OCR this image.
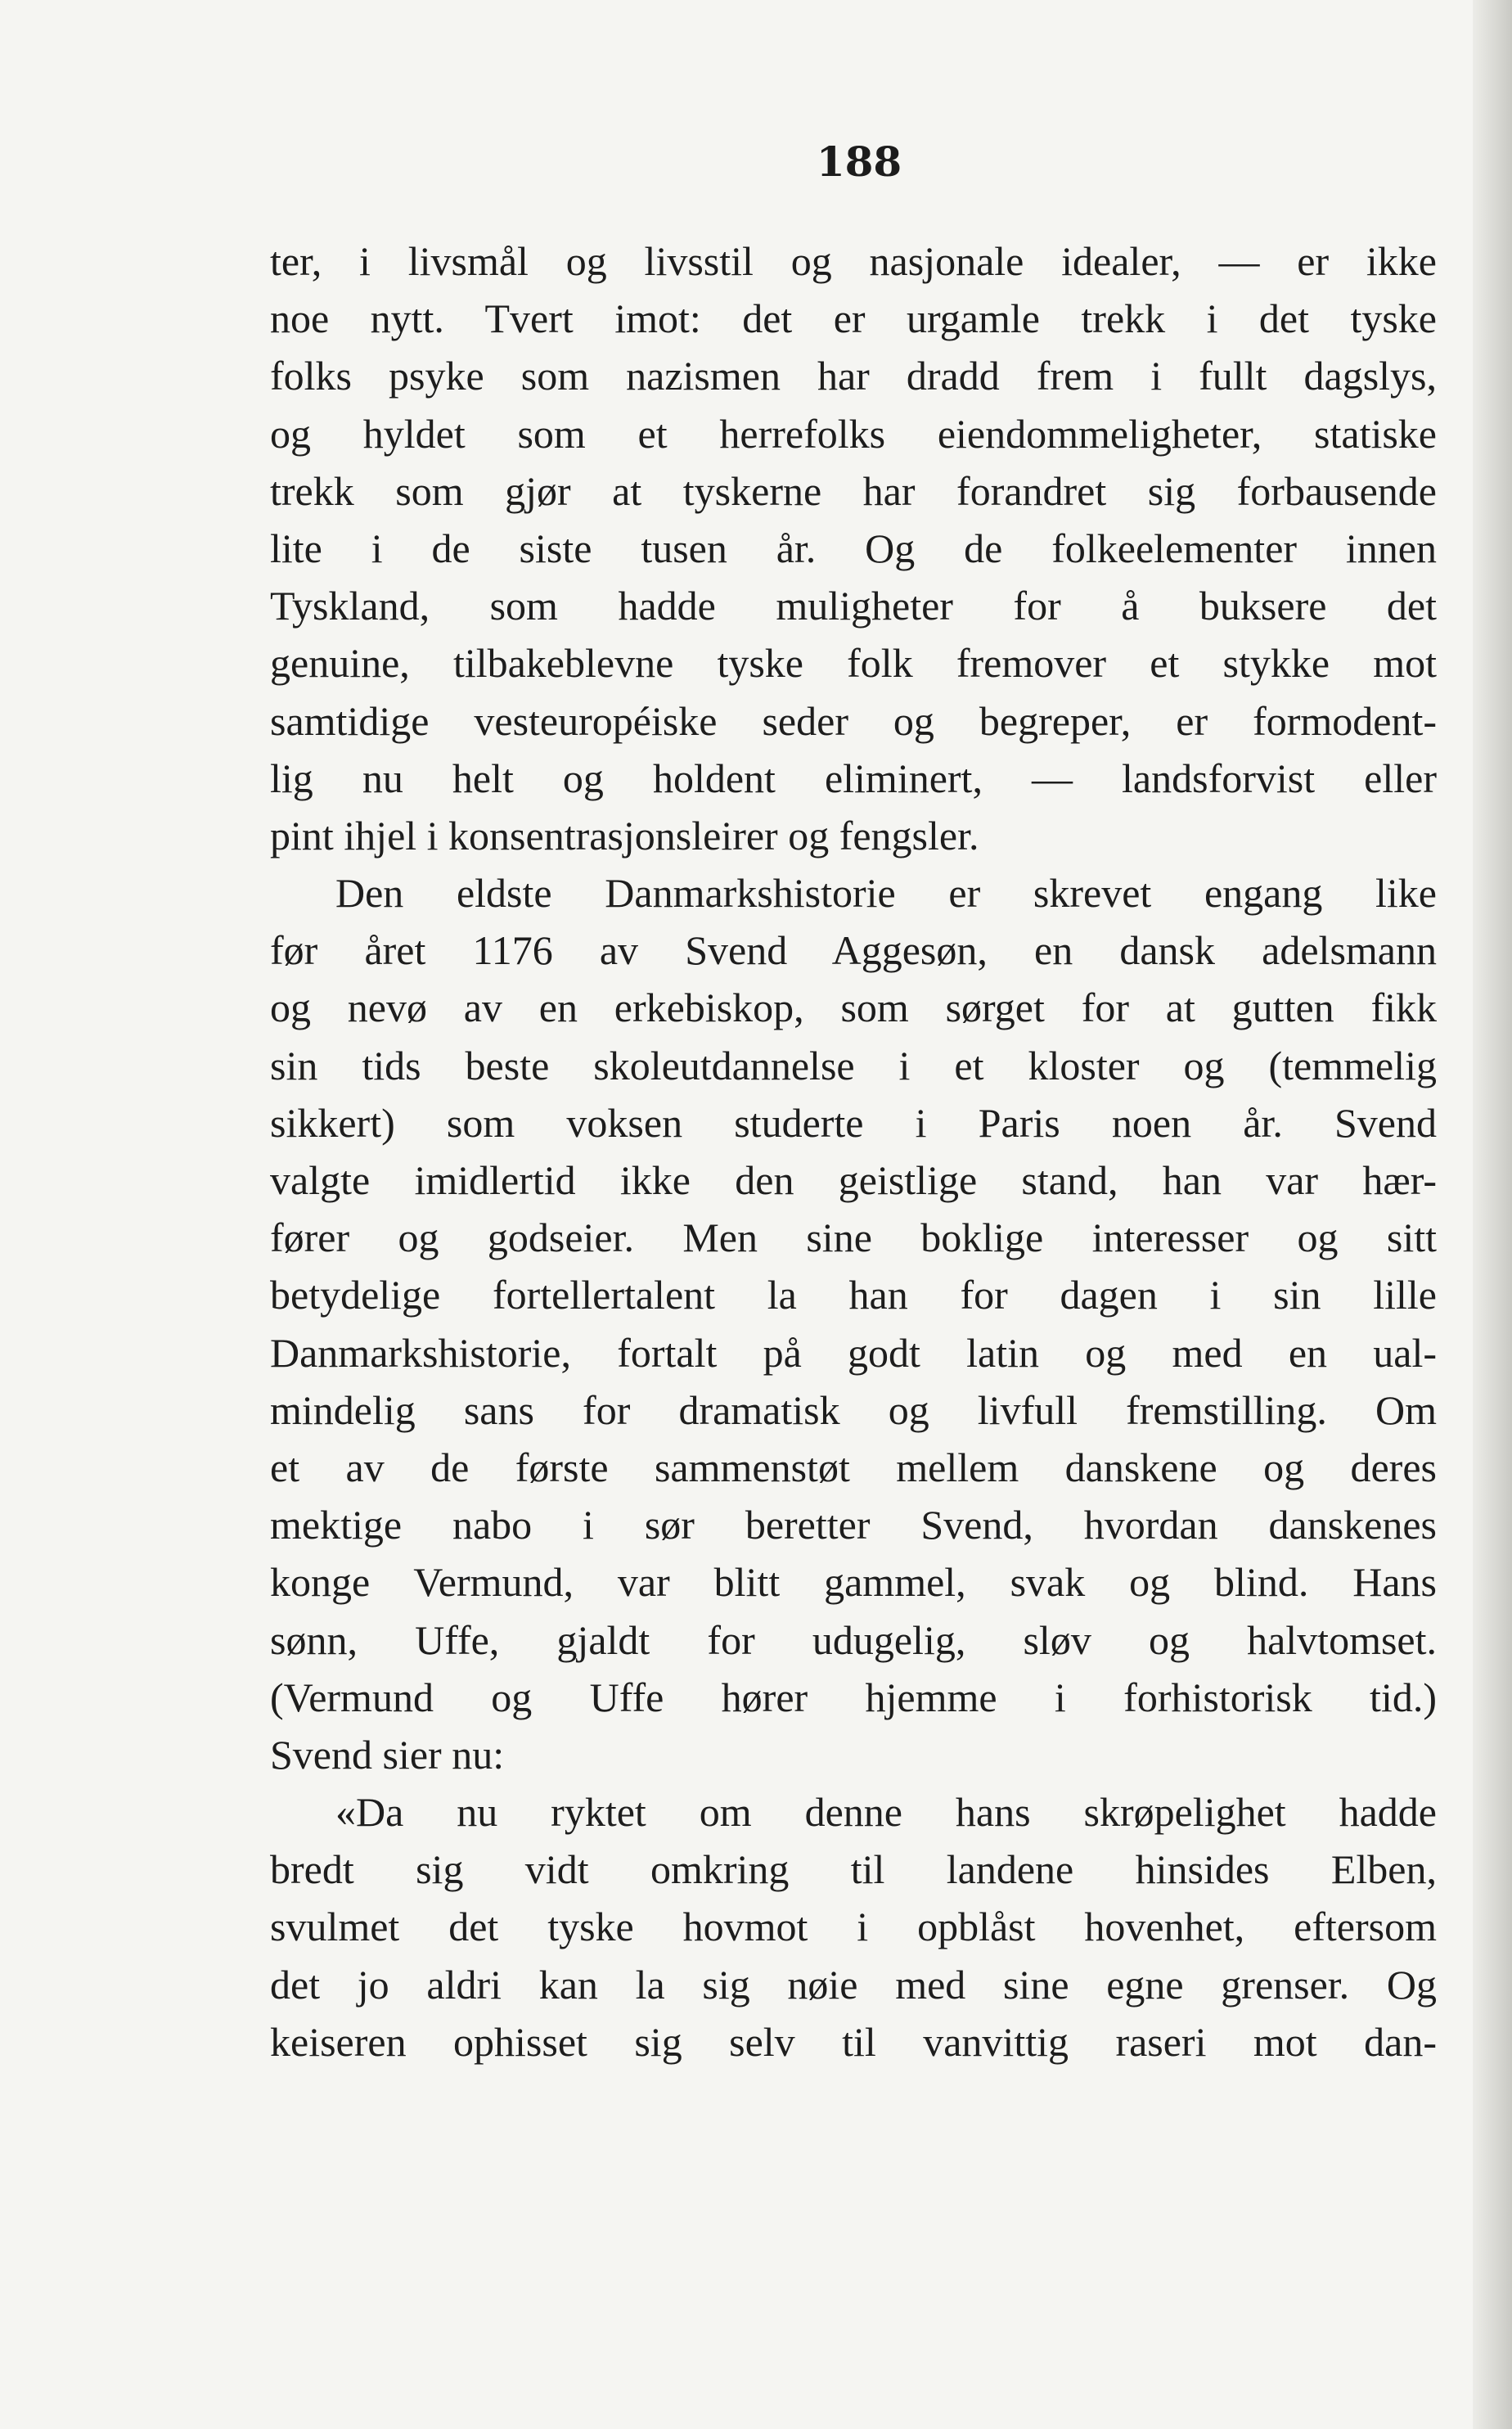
188
ter, i livsmål og livsstil og nasjonale idealer, — er ikke
noe nytt. Tvert imot: det er urgamle trekk i det tyske
folks psyke som nazismen har dradd frem i fullt dagslys,
og hyldet som et herrefolks eiendommeligheter, statiske
trekk som gjør at tyskerne har forandret sig forbausende
lite i de siste tusen år. Og de folkeelementer innen
Tyskland, som hadde muligheter for å buksere det
genuine, tilbakeblevne tyske folk fremover et stykke mot
samtidige vesteuropéiske seder og begreper, er formodent-
lig nu helt og holdent eliminert, — landsforvist eller
pint ihjel i konsentrasjonsleirer og fengsler.
Den eldste Danmarkshistorie er skrevet engang like
før året 1176 av Svend Aggesøn, en dansk adelsmann
og nevø av en erkebiskop, som sørget for at gutten fikk
sin tids beste skoleutdannelse i et kloster og (temmelig
sikkert) som voksen studerte i Paris noen år. Svend
valgte imidlertid ikke den geistlige stand, han var hær-
fører og godseier. Men sine boklige interesser og sitt
betydelige fortellertalent la han for dagen i sin lille
Danmarkshistorie, fortalt på godt latin og med en ual-
mindelig sans for dramatisk og livfull fremstilling. Om
et av de første sammenstøt mellem danskene og deres
mektige nabo i sør beretter Svend, hvordan danskenes
konge Vermund, var blitt gammel, svak og blind. Hans
sønn, Uffe, gjaldt for udugelig, sløv og halvtomset.
(Vermund og Uffe hører hjemme i forhistorisk tid.)
Svend sier nu:
«Da nu ryktet om denne hans skrøpelighet hadde
bredt sig vidt omkring til landene hinsides Elben,
svulmet det tyske hovmot i opblåst hovenhet, eftersom
det jo aldri kan la sig nøie med sine egne grenser. Og
keiseren ophisset sig selv til vanvittig raseri mot dan-
